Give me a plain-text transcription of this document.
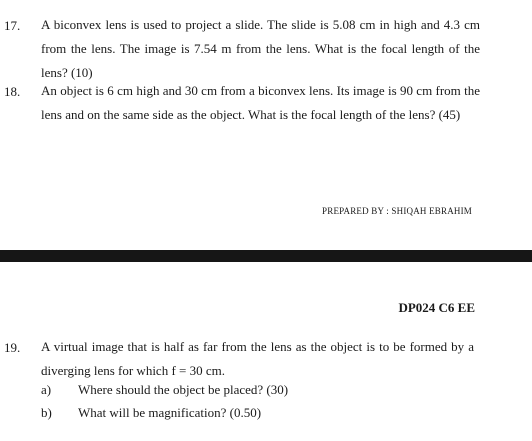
17. A biconvex lens is used to project a slide. The slide is 5.08 cm in high and 4.3 cm from the lens. The image is 7.54 m from the lens. What is the focal length of the lens? (10)
18. An object is 6 cm high and 30 cm from a biconvex lens. Its image is 90 cm from the lens and on the same side as the object. What is the focal length of the lens? (45)
PREPARED BY : SHIQAH EBRAHIM
DP024 C6 EE
19. A virtual image that is half as far from the lens as the object is to be formed by a diverging lens for which f = 30 cm.
a) Where should the object be placed? (30)
b) What will be magnification? (0.50)
